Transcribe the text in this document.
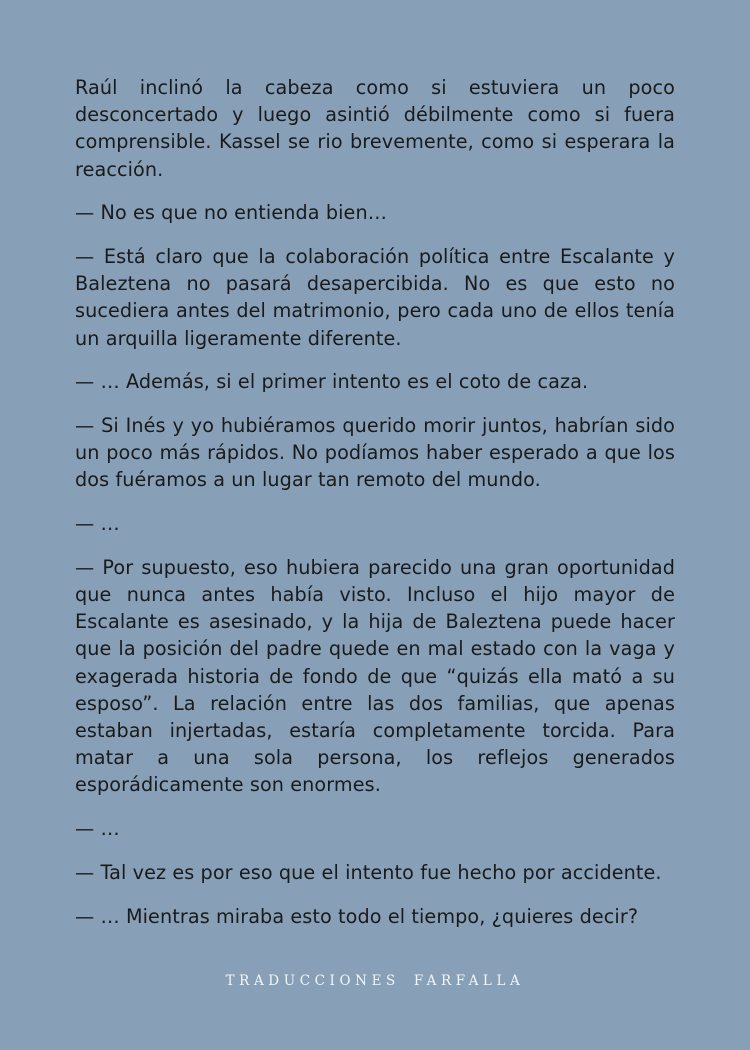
Raúl inclinó la cabeza como si estuviera un poco desconcertado y luego asintió débilmente como si fuera comprensible. Kassel se rio brevemente, como si esperara la reacción.

— No es que no entienda bien…

— Está claro que la colaboración política entre Escalante y Baleztena no pasará desapercibida. No es que esto no sucediera antes del matrimonio, pero cada uno de ellos tenía un arquilla ligeramente diferente.

— … Además, si el primer intento es el coto de caza.

— Si Inés y yo hubiéramos querido morir juntos, habrían sido un poco más rápidos. No podíamos haber esperado a que los dos fuéramos a un lugar tan remoto del mundo.

— …

— Por supuesto, eso hubiera parecido una gran oportunidad que nunca antes había visto. Incluso el hijo mayor de Escalante es asesinado, y la hija de Baleztena puede hacer que la posición del padre quede en mal estado con la vaga y exagerada historia de fondo de que “quizás ella mató a su esposo”. La relación entre las dos familias, que apenas estaban injertadas, estaría completamente torcida. Para matar a una sola persona, los reflejos generados esporádicamente son enormes.

— …

— Tal vez es por eso que el intento fue hecho por accidente.

— … Mientras miraba esto todo el tiempo, ¿quieres decir?

TRADUCCIONES FARFALLA
